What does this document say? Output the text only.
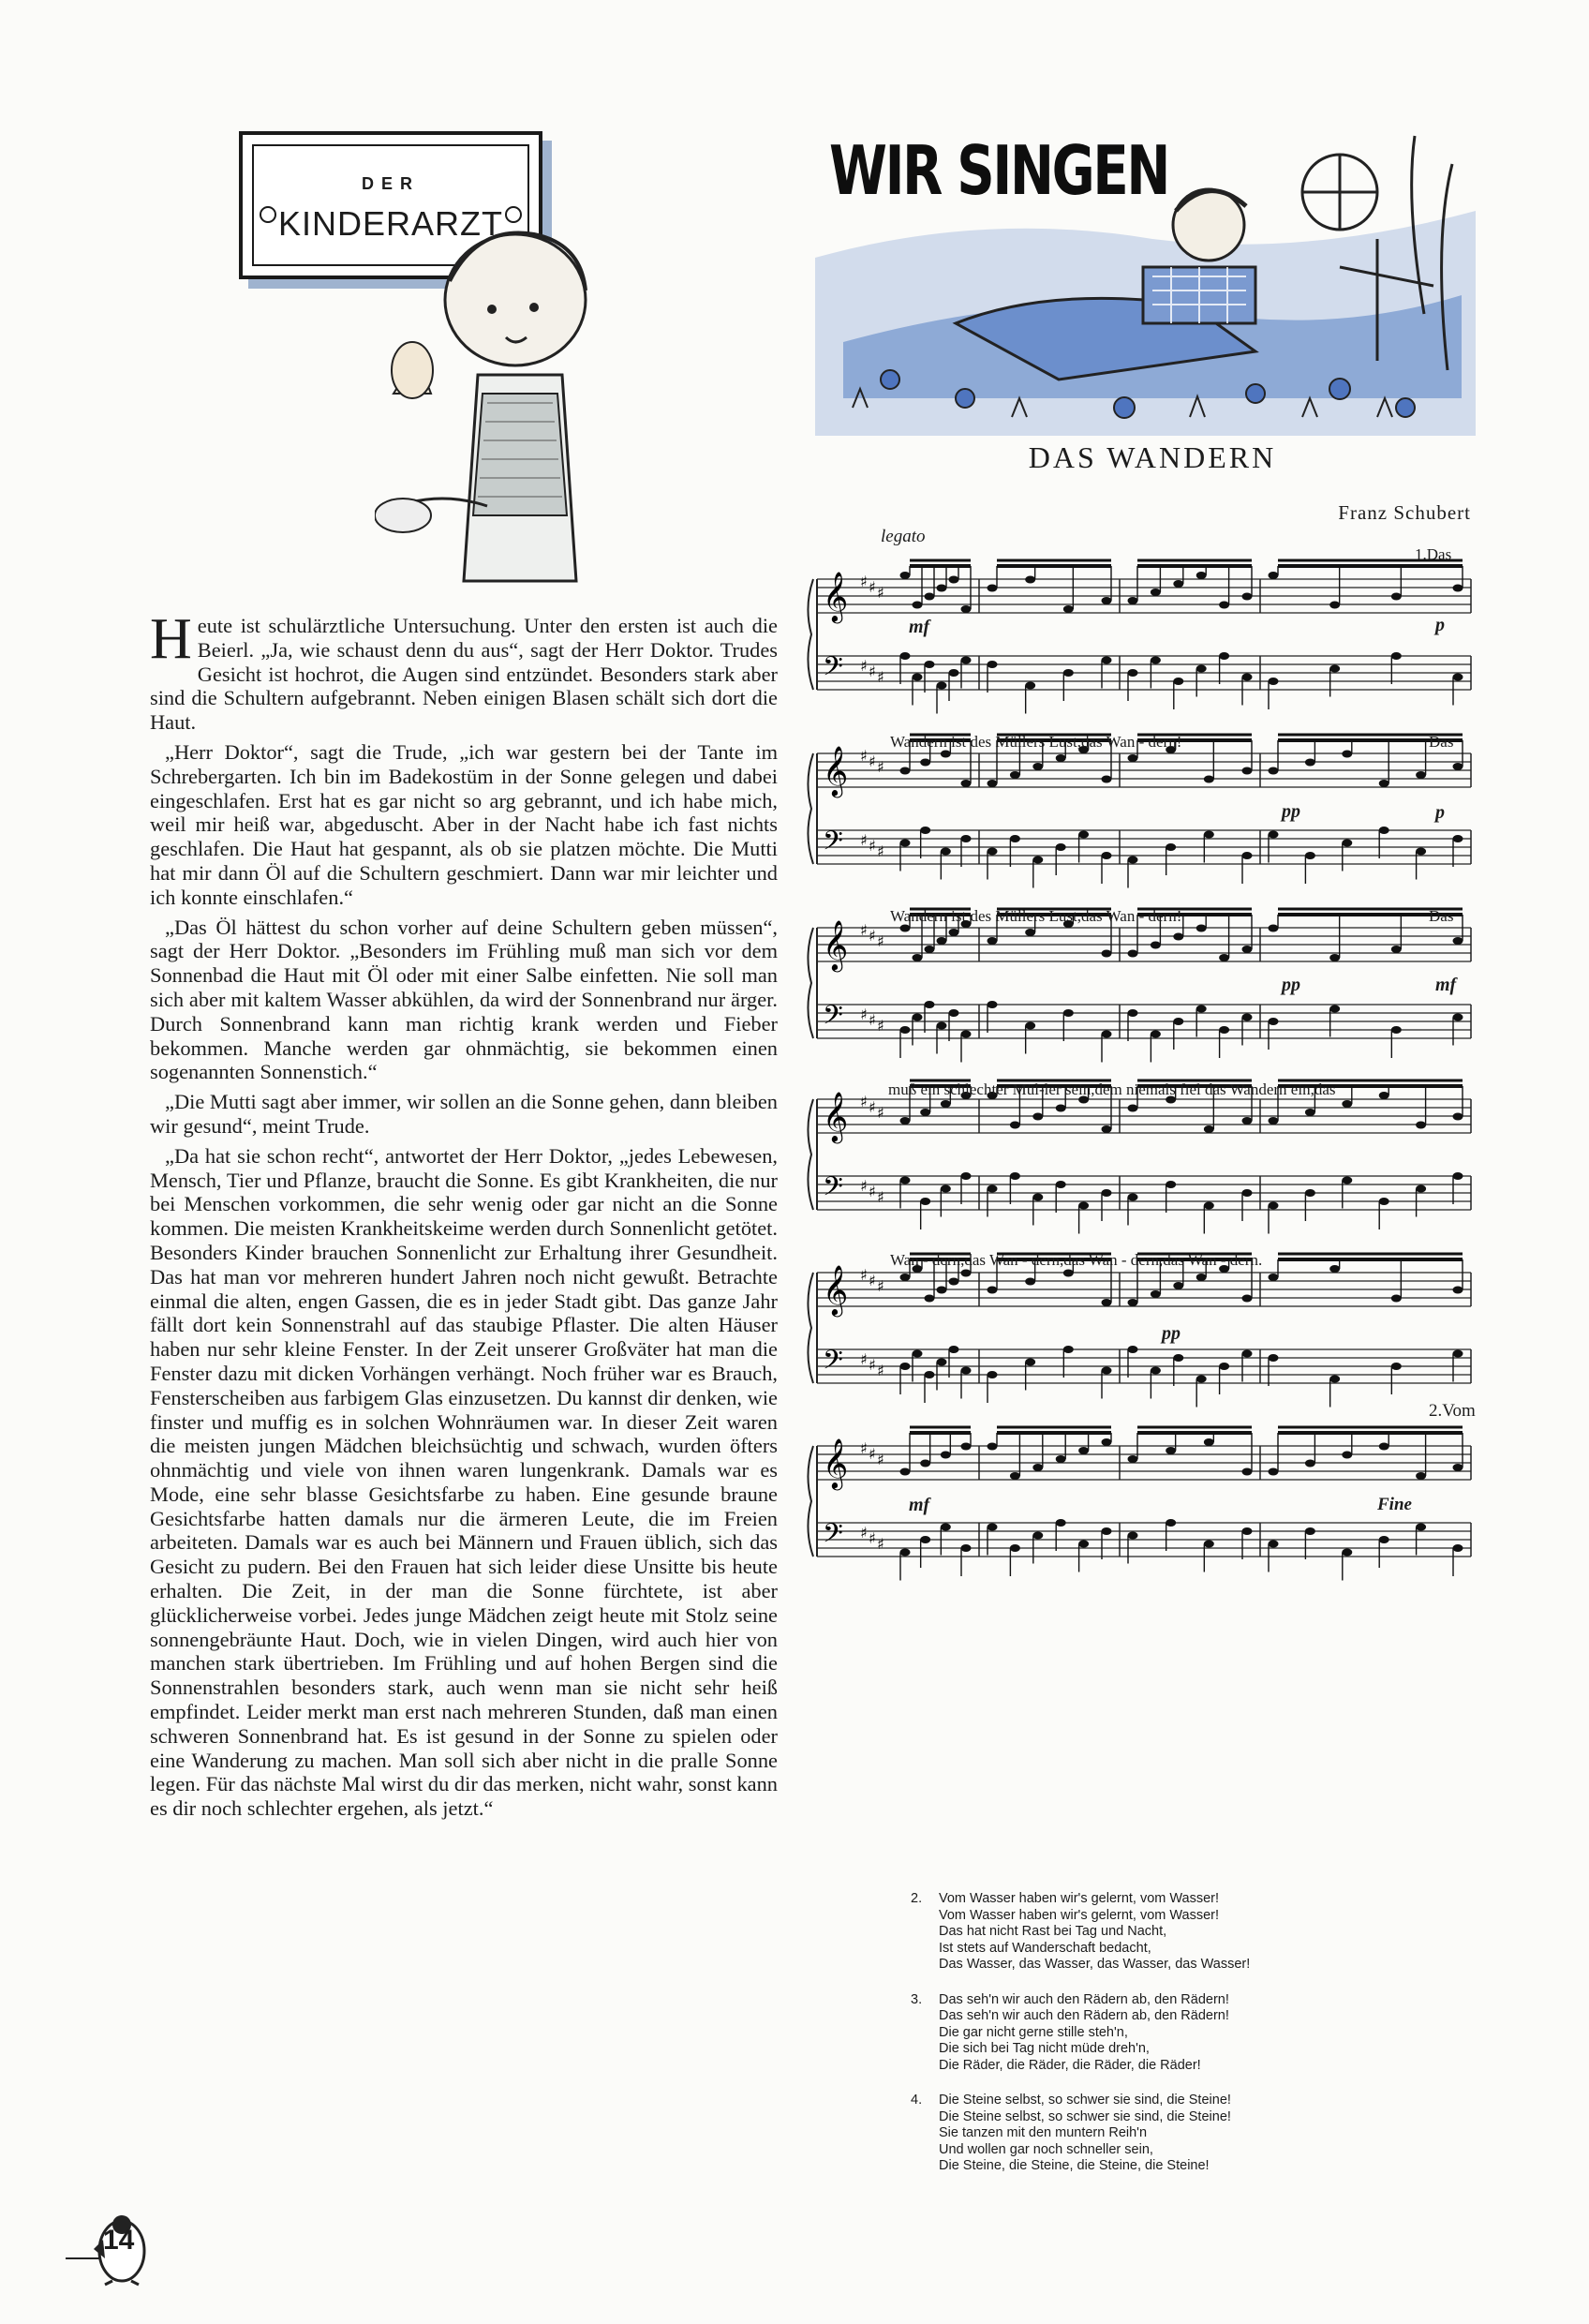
DER
KINDERARZT

Heute ist schulärztliche Untersuchung. Unter den ersten ist auch die Beierl. „Ja, wie schaust denn du aus“, sagt der Herr Doktor. Trudes Gesicht ist hochrot, die Augen sind entzündet. Besonders stark aber sind die Schultern aufgebrannt. Neben einigen Blasen schält sich dort die Haut.

„Herr Doktor“, sagt die Trude, „ich war gestern bei der Tante im Schrebergarten. Ich bin im Badekostüm in der Sonne gelegen und dabei eingeschlafen. Erst hat es gar nicht so arg gebrannt, und ich habe mich, weil mir heiß war, abgeduscht. Aber in der Nacht habe ich fast nichts geschlafen. Die Haut hat gespannt, als ob sie platzen möchte. Die Mutti hat mir dann Öl auf die Schultern geschmiert. Dann war mir leichter und ich konnte einschlafen.“

„Das Öl hättest du schon vorher auf deine Schultern geben müssen“, sagt der Herr Doktor. „Besonders im Frühling muß man sich vor dem Sonnenbad die Haut mit Öl oder mit einer Salbe einfetten. Nie soll man sich aber mit kaltem Wasser abkühlen, da wird der Sonnenbrand nur ärger. Durch Sonnenbrand kann man richtig krank werden und Fieber bekommen. Manche werden gar ohnmächtig, sie bekommen einen sogenannten Sonnenstich.“

„Die Mutti sagt aber immer, wir sollen an die Sonne gehen, dann bleiben wir gesund“, meint Trude.

„Da hat sie schon recht“, antwortet der Herr Doktor, „jedes Lebewesen, Mensch, Tier und Pflanze, braucht die Sonne. Es gibt Krankheiten, die nur bei Menschen vorkommen, die sehr wenig oder gar nicht an die Sonne kommen. Die meisten Krankheitskeime werden durch Sonnenlicht getötet. Besonders Kinder brauchen Sonnenlicht zur Erhaltung ihrer Gesundheit. Das hat man vor mehreren hundert Jahren noch nicht gewußt. Betrachte einmal die alten, engen Gassen, die es in jeder Stadt gibt. Das ganze Jahr fällt dort kein Sonnenstrahl auf das staubige Pflaster. Die alten Häuser haben nur sehr kleine Fenster. In der Zeit unserer Großväter hat man die Fenster dazu mit dicken Vorhängen verhängt. Noch früher war es Brauch, Fensterscheiben aus farbigem Glas einzusetzen. Du kannst dir denken, wie finster und muffig es in solchen Wohnräumen war. In dieser Zeit waren die meisten jungen Mädchen bleichsüchtig und schwach, wurden öfters ohnmächtig und viele von ihnen waren lungenkrank. Damals war es Mode, eine sehr blasse Gesichtsfarbe zu haben. Eine gesunde braune Gesichtsfarbe hatten damals nur die ärmeren Leute, die im Freien arbeiteten. Damals war es auch bei Männern und Frauen üblich, sich das Gesicht zu pudern. Bei den Frauen hat sich leider diese Unsitte bis heute erhalten. Die Zeit, in der man die Sonne fürchtete, ist aber glücklicherweise vorbei. Jedes junge Mädchen zeigt heute mit Stolz seine sonnengebräunte Haut. Doch, wie in vielen Dingen, wird auch hier von manchen stark übertrieben. Im Frühling und auf hohen Bergen sind die Sonnenstrahlen besonders stark, auch wenn man sie nicht sehr heiß empfindet. Leider merkt man erst nach mehreren Stunden, daß man einen schweren Sonnenbrand hat. Es ist gesund in der Sonne zu spielen oder eine Wanderung zu machen. Man soll sich aber nicht in die pralle Sonne legen. Für das nächste Mal wirst du dir das merken, nicht wahr, sonst kann es dir noch schlechter ergehen, als jetzt.“

WIR SINGEN
DAS WANDERN
Franz Schubert
𝄞
𝄢
♯
♯
♯
♯
♯
♯
𝄞
𝄢
♯
♯
♯
♯
♯
♯
𝄞
𝄢
♯
♯
♯
♯
♯
♯
𝄞
𝄢
♯
♯
♯
♯
♯
♯
𝄞
𝄢
♯
♯
♯
♯
♯
♯
𝄞
𝄢
♯
♯
♯
♯
♯
♯
legato
1.Das
Wandern ist des Müllers Lust,das Wan - dern!	Das
Wandern ist des Müllers Lust,das Wan - dern!	Das
muß ein schlechter Mül-ler sein,dem niemals fiel das Wandern ein,das
Wan - dern,das Wan - dern,das Wan - dern,das Wan - dern.
2.Vom
mf	p
pp	p
pp	mf
pp
mf	Fine
2. Vom Wasser haben wir's gelernt, vom Wasser!
Vom Wasser haben wir's gelernt, vom Wasser!
Das hat nicht Rast bei Tag und Nacht,
Ist stets auf Wanderschaft bedacht,
Das Wasser, das Wasser, das Wasser, das Wasser!
3. Das seh'n wir auch den Rädern ab, den Rädern!
Das seh'n wir auch den Rädern ab, den Rädern!
Die gar nicht gerne stille steh'n,
Die sich bei Tag nicht müde dreh'n,
Die Räder, die Räder, die Räder, die Räder!
4. Die Steine selbst, so schwer sie sind, die Steine!
Die Steine selbst, so schwer sie sind, die Steine!
Sie tanzen mit den muntern Reih'n
Und wollen gar noch schneller sein,
Die Steine, die Steine, die Steine, die Steine!
14
